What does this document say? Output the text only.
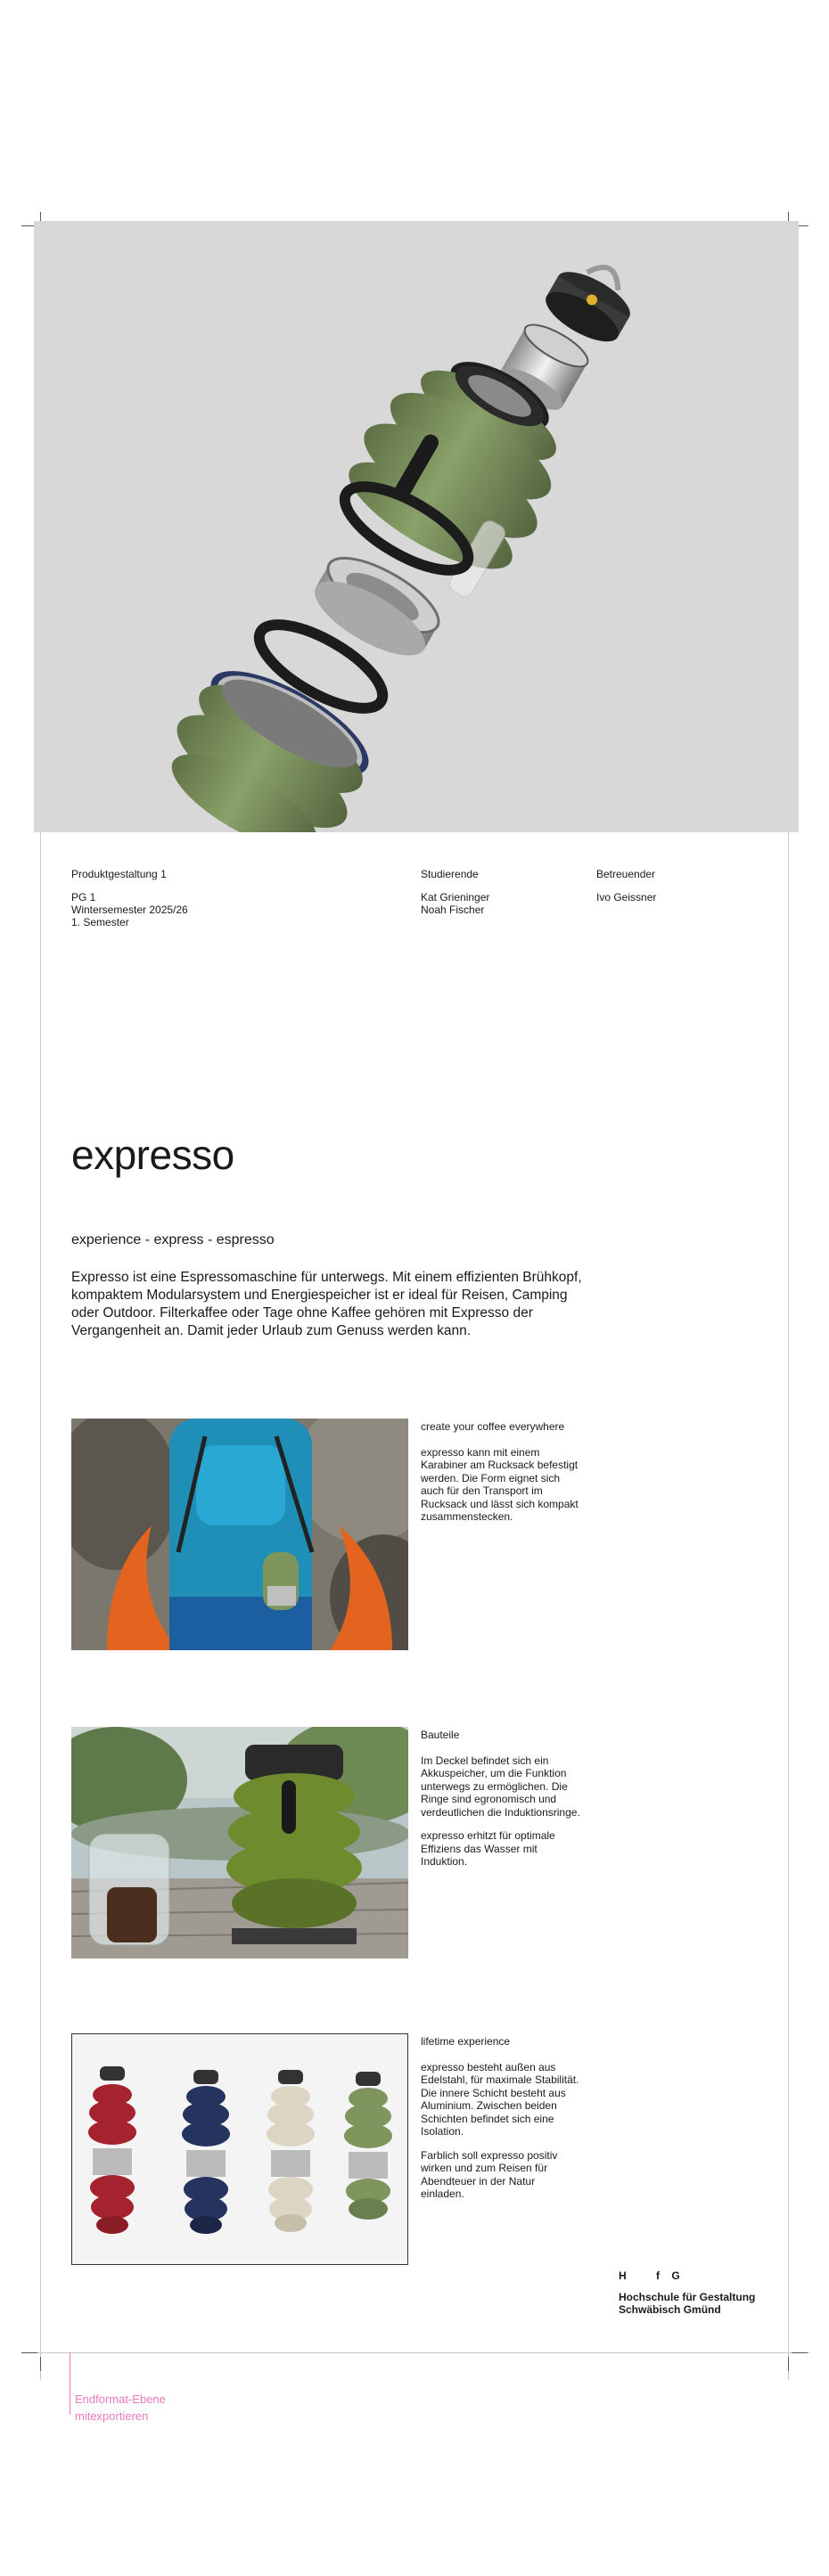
Produktgestaltung 1
PG 1
Wintersemester 2025/26
1. Semester
Studierende
Kat Grieninger
Noah Fischer
Betreuender
Ivo Geissner
expresso
experience - express - espresso
Expresso ist eine Espressomaschine für unterwegs. Mit einem effizienten Brühkopf, kompaktem Modularsystem und Energiespeicher ist er ideal für Reisen, Camping oder Outdoor. Filterkaffee oder Tage ohne Kaffee gehören mit Expresso der Vergangenheit an. Damit jeder Urlaub zum Genuss werden kann.
create your coffee everywhere

expresso kann mit einem Karabiner am Rucksack befestigt werden. Die Form eignet sich auch für den Transport im Rucksack und lässt sich kompakt zusammenstecken.

Bauteile

Im Deckel befindet sich ein Akkuspeicher, um die Funktion unterwegs zu ermöglichen. Die Ringe sind egronomisch und verdeutlichen die Induktionsringe.

expresso erhitzt für optimale Effiziens das Wasser mit Induktion.

lifetime experience

expresso besteht außen aus Edelstahl, für maximale Stabilität. Die innere Schicht besteht aus Aluminium. Zwischen beiden Schichten befindet sich eine Isolation.

Farblich soll expresso positiv wirken und zum Reisen für Abendteuer in der Natur einladen.

H          f    G
Hochschule für Gestaltung
Schwäbisch Gmünd
Endformat-Ebene
mitexportieren
